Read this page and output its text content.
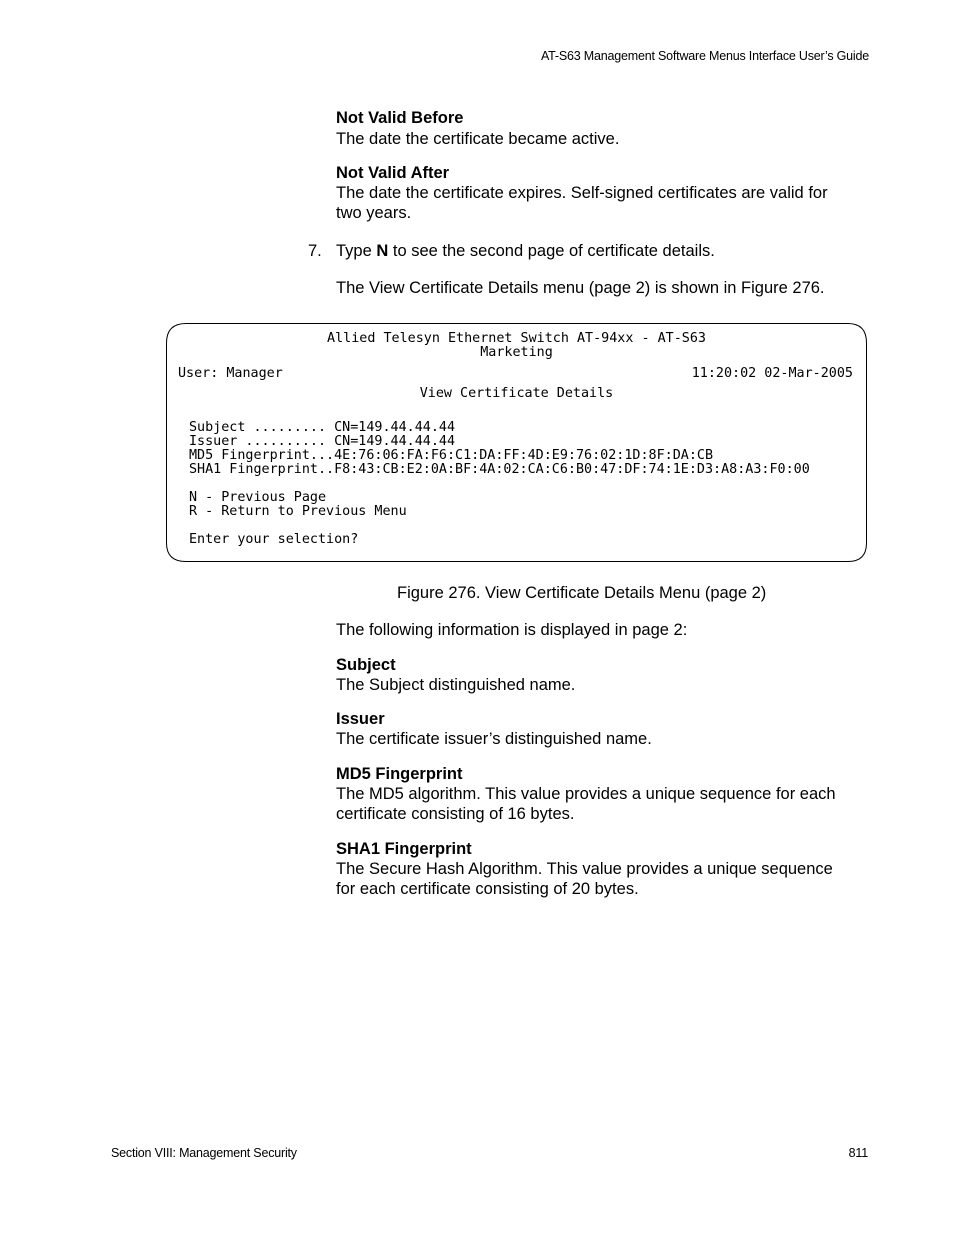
AT-S63 Management Software Menus Interface User’s Guide
Not Valid Before
The date the certificate became active.
Not Valid After
The date the certificate expires. Self-signed certificates are valid for
two years.
7. Type N to see the second page of certificate details.
The View Certificate Details menu (page 2) is shown in Figure 276.
Allied Telesyn Ethernet Switch AT-94xx - AT-S63
Marketing
User: Manager	11:20:02 02-Mar-2005
View Certificate Details
Subject ......... CN=149.44.44.44
Issuer .......... CN=149.44.44.44
MD5 Fingerprint...4E:76:06:FA:F6:C1:DA:FF:4D:E9:76:02:1D:8F:DA:CB
SHA1 Fingerprint..F8:43:CB:E2:0A:BF:4A:02:CA:C6:B0:47:DF:74:1E:D3:A8:A3:F0:00
N - Previous Page
R - Return to Previous Menu
Enter your selection?
Figure 276. View Certificate Details Menu (page 2)
The following information is displayed in page 2:
Subject
The Subject distinguished name.
Issuer
The certificate issuer’s distinguished name.
MD5 Fingerprint
The MD5 algorithm. This value provides a unique sequence for each
certificate consisting of 16 bytes.
SHA1 Fingerprint
The Secure Hash Algorithm. This value provides a unique sequence
for each certificate consisting of 20 bytes.
Section VIII: Management Security	811
